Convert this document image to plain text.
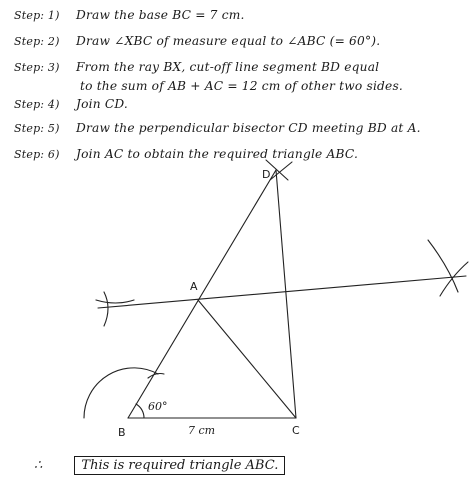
Step: 1) Draw the base BC = 7 cm.
Step: 2) Draw ∠XBC of measure equal to ∠ABC (= 60°).
Step: 3) From the ray BX, cut-off line segment BD equal
to the sum of AB + AC = 12 cm of other two sides.
Step: 4) Join CD.
Step: 5) Draw the perpendicular bisector CD meeting BD at A.
Step: 6) Join AC to obtain the required triangle ABC.
B	C
A
D
60°
7 cm
∴	This is required triangle ABC.
